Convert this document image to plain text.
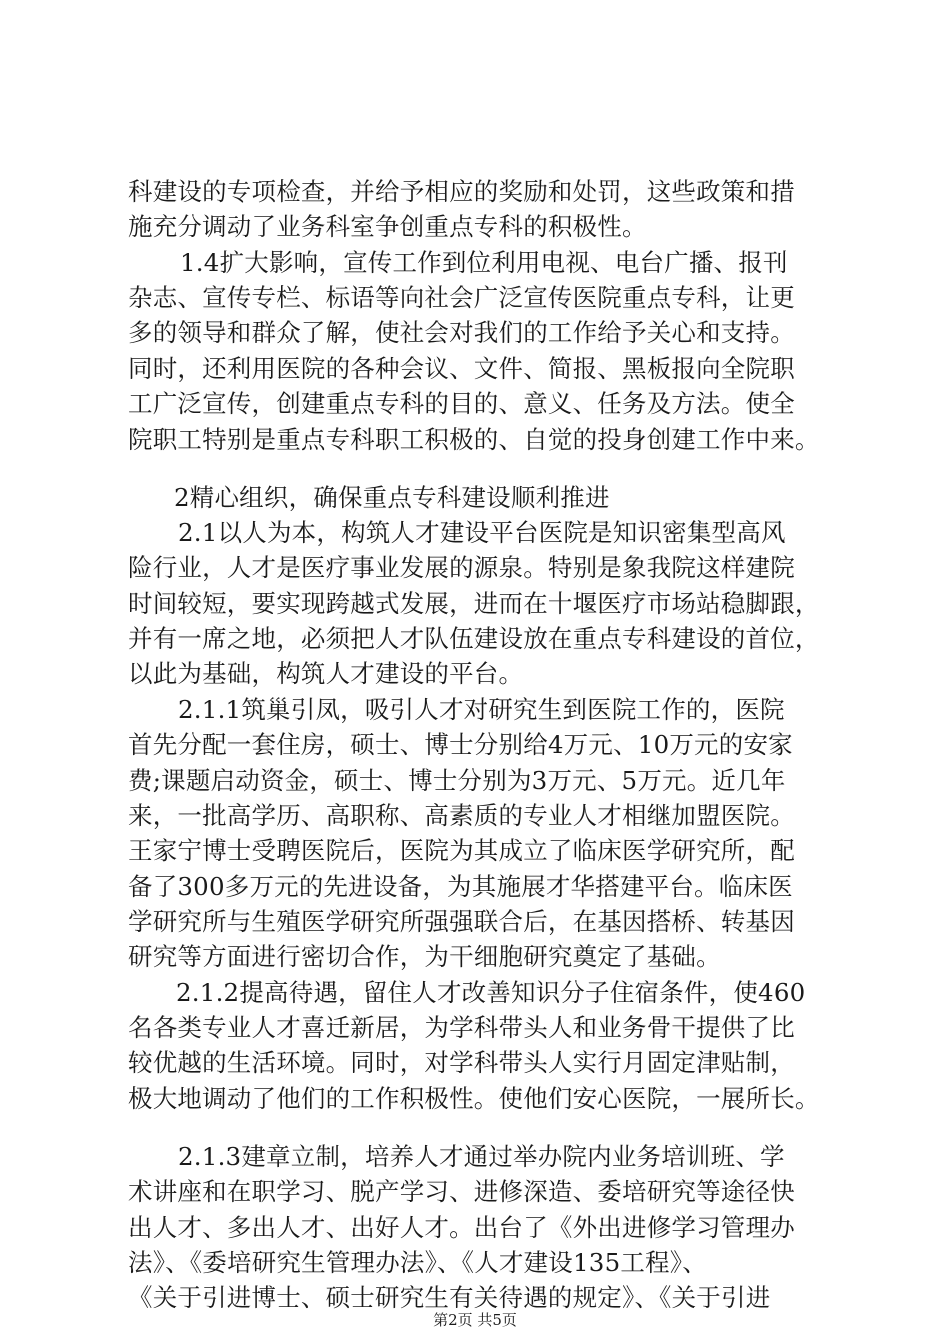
科建设的专项检查，并给予相应的奖励和处罚，这些政策和措
施充分调动了业务科室争创重点专科的积极性。
1.4扩大影响，宣传工作到位利用电视、电台广播、报刊
杂志、宣传专栏、标语等向社会广泛宣传医院重点专科，让更
多的领导和群众了解，使社会对我们的工作给予关心和支持。
同时，还利用医院的各种会议、文件、简报、黑板报向全院职
工广泛宣传，创建重点专科的目的、意义、任务及方法。使全
院职工特别是重点专科职工积极的、自觉的投身创建工作中来。
2精心组织，确保重点专科建设顺利推进
2.1以人为本，构筑人才建设平台医院是知识密集型高风
险行业，人才是医疗事业发展的源泉。特别是象我院这样建院
时间较短，要实现跨越式发展，进而在十堰医疗市场站稳脚跟，
并有一席之地，必须把人才队伍建设放在重点专科建设的首位，
以此为基础，构筑人才建设的平台。
2.1.1筑巢引凤，吸引人才对研究生到医院工作的，医院
首先分配一套住房，硕士、博士分别给4万元、10万元的安家
费;课题启动资金，硕士、博士分别为3万元、5万元。近几年
来，一批高学历、高职称、高素质的专业人才相继加盟医院。
王家宁博士受聘医院后，医院为其成立了临床医学研究所，配
备了300多万元的先进设备，为其施展才华搭建平台。临床医
学研究所与生殖医学研究所强强联合后，在基因搭桥、转基因
研究等方面进行密切合作，为干细胞研究奠定了基础。
2.1.2提高待遇，留住人才改善知识分子住宿条件，使460
名各类专业人才喜迁新居，为学科带头人和业务骨干提供了比
较优越的生活环境。同时，对学科带头人实行月固定津贴制，
极大地调动了他们的工作积极性。使他们安心医院，一展所长。
2.1.3建章立制，培养人才通过举办院内业务培训班、学
术讲座和在职学习、脱产学习、进修深造、委培研究等途径快
出人才、多出人才、出好人才。出台了《外出进修学习管理办
法》、《委培研究生管理办法》、《人才建设135工程》、
《关于引进博士、硕士研究生有关待遇的规定》、《关于引进
第2页 共5页
